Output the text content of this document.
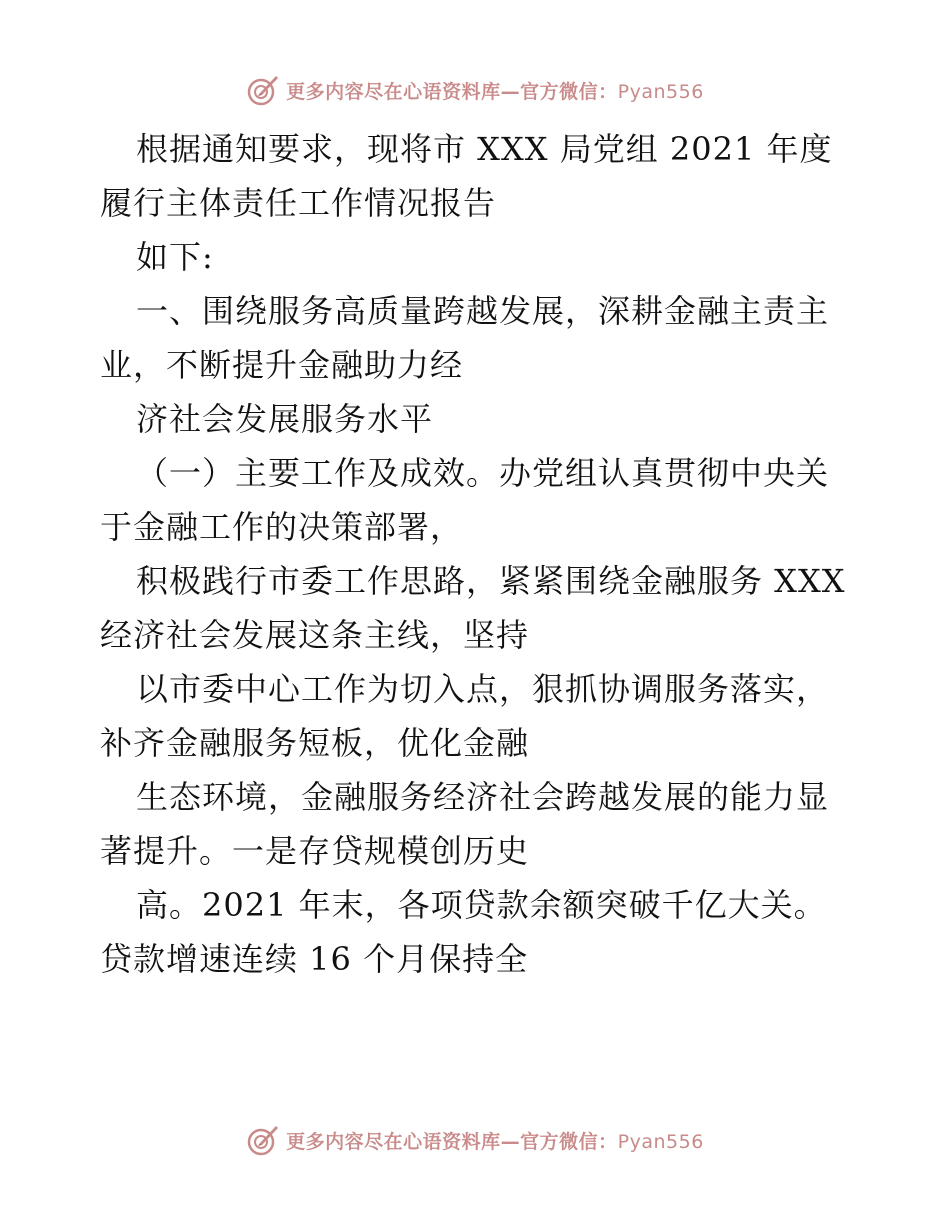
更多内容尽在心语资料库—官方微信：Pyan556
根据通知要求，现将市 XXX 局党组 2021 年度
履行主体责任工作情况报告
如下:
一、围绕服务高质量跨越发展，深耕金融主责主
业，不断提升金融助力经
济社会发展服务水平
（一）主要工作及成效。办党组认真贯彻中央关
于金融工作的决策部署，
积极践行市委工作思路，紧紧围绕金融服务 XXX
经济社会发展这条主线，坚持
以市委中心工作为切入点，狠抓协调服务落实，
补齐金融服务短板，优化金融
生态环境，金融服务经济社会跨越发展的能力显
著提升。一是存贷规模创历史
高。2021 年末，各项贷款余额突破千亿大关。
贷款增速连续 16 个月保持全
更多内容尽在心语资料库—官方微信：Pyan556
